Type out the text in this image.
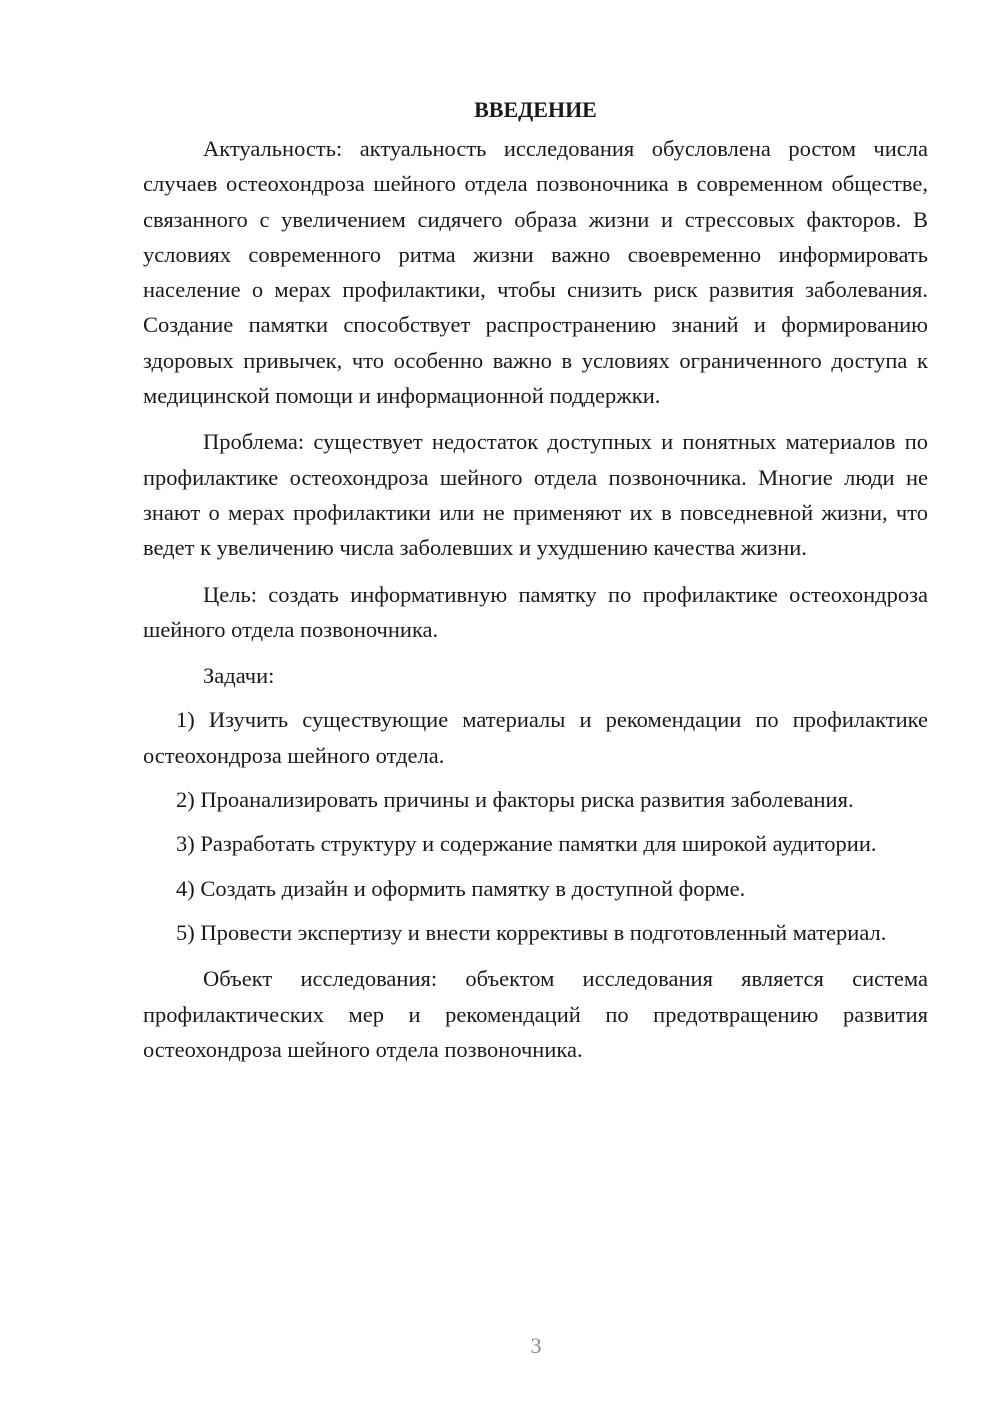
ВВЕДЕНИЕ

Актуальность: актуальность исследования обусловлена ростом числа случаев остеохондроза шейного отдела позвоночника в современном обществе, связанного с увеличением сидячего образа жизни и стрессовых факторов. В условиях современного ритма жизни важно своевременно информировать население о мерах профилактики, чтобы снизить риск развития заболевания. Создание памятки способствует распространению знаний и формированию здоровых привычек, что особенно важно в условиях ограниченного доступа к медицинской помощи и информационной поддержки.

Проблема: существует недостаток доступных и понятных материалов по профилактике остеохондроза шейного отдела позвоночника. Многие люди не знают о мерах профилактики или не применяют их в повседневной жизни, что ведет к увеличению числа заболевших и ухудшению качества жизни.

Цель: создать информативную памятку по профилактике остеохондроза шейного отдела позвоночника.

Задачи:

1) Изучить существующие материалы и рекомендации по профилактике остеохондроза шейного отдела.

2) Проанализировать причины и факторы риска развития заболевания.

3) Разработать структуру и содержание памятки для широкой аудитории.

4) Создать дизайн и оформить памятку в доступной форме.

5) Провести экспертизу и внести коррективы в подготовленный материал.

Объект исследования: объектом исследования является система профилактических мер и рекомендаций по предотвращению развития остеохондроза шейного отдела позвоночника.

3
